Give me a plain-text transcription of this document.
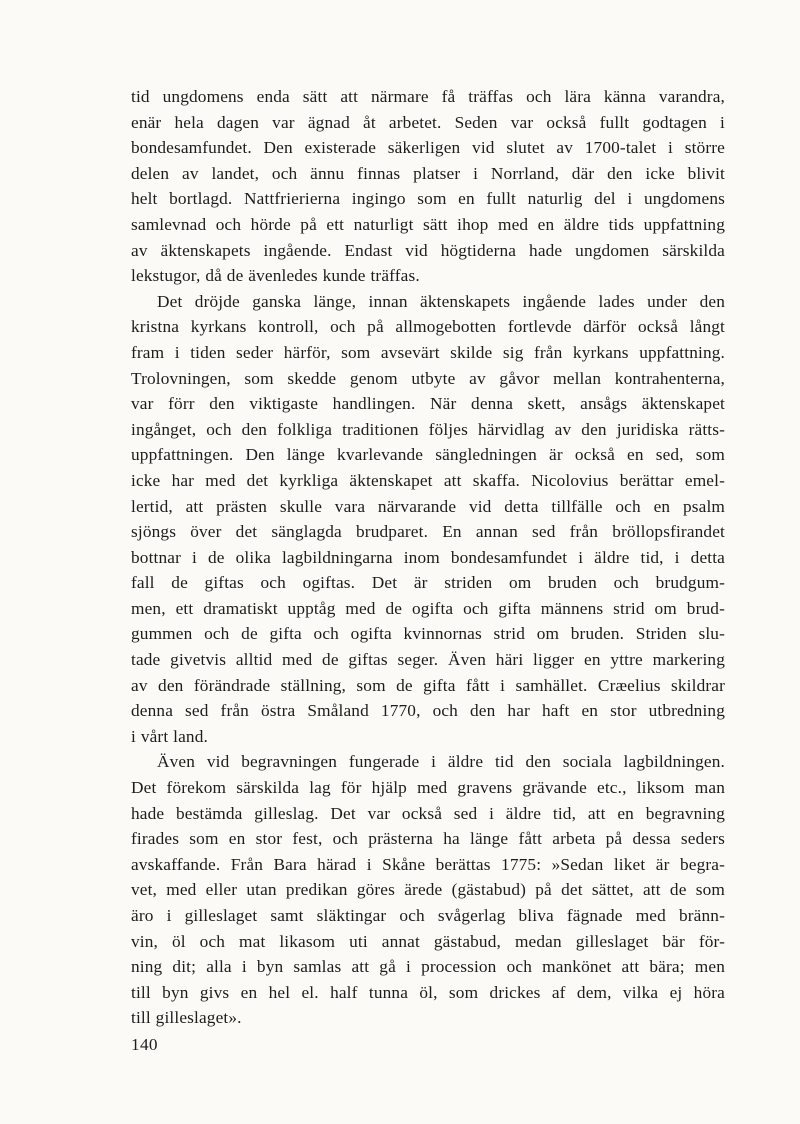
tid ungdomens enda sätt att närmare få träffas och lära känna varandra,
enär hela dagen var ägnad åt arbetet. Seden var också fullt godtagen i
bondesamfundet. Den existerade säkerligen vid slutet av 1700-talet i större
delen av landet, och ännu finnas platser i Norrland, där den icke blivit
helt bortlagd. Nattfrierierna ingingo som en fullt naturlig del i ungdomens
samlevnad och hörde på ett naturligt sätt ihop med en äldre tids uppfattning
av äktenskapets ingående. Endast vid högtiderna hade ungdomen särskilda
lekstugor, då de ävenledes kunde träffas.

Det dröjde ganska länge, innan äktenskapets ingående lades under den
kristna kyrkans kontroll, och på allmogebotten fortlevde därför också långt
fram i tiden seder härför, som avsevärt skilde sig från kyrkans uppfattning.
Trolovningen, som skedde genom utbyte av gåvor mellan kontrahenterna,
var förr den viktigaste handlingen. När denna skett, ansågs äktenskapet
ingånget, och den folkliga traditionen följes härvidlag av den juridiska rätts-
uppfattningen. Den länge kvarlevande sängledningen är också en sed, som
icke har med det kyrkliga äktenskapet att skaffa. Nicolovius berättar emel-
lertid, att prästen skulle vara närvarande vid detta tillfälle och en psalm
sjöngs över det sänglagda brudparet. En annan sed från bröllopsfirandet
bottnar i de olika lagbildningarna inom bondesamfundet i äldre tid, i detta
fall de giftas och ogiftas. Det är striden om bruden och brudgum-
men, ett dramatiskt upptåg med de ogifta och gifta männens strid om brud-
gummen och de gifta och ogifta kvinnornas strid om bruden. Striden slu-
tade givetvis alltid med de giftas seger. Även häri ligger en yttre markering
av den förändrade ställning, som de gifta fått i samhället. Cræelius skildrar
denna sed från östra Småland 1770, och den har haft en stor utbredning
i vårt land.

Även vid begravningen fungerade i äldre tid den sociala lagbildningen.
Det förekom särskilda lag för hjälp med gravens grävande etc., liksom man
hade bestämda gilleslag. Det var också sed i äldre tid, att en begravning
firades som en stor fest, och prästerna ha länge fått arbeta på dessa seders
avskaffande. Från Bara härad i Skåne berättas 1775: »Sedan liket är begra-
vet, med eller utan predikan göres ärede (gästabud) på det sättet, att de som
äro i gilleslaget samt släktingar och svågerlag bliva fägnade med bränn-
vin, öl och mat likasom uti annat gästabud, medan gilleslaget bär för-
ning dit; alla i byn samlas att gå i procession och mankönet att bära; men
till byn givs en hel el. half tunna öl, som drickes af dem, vilka ej höra
till gilleslaget».

140
